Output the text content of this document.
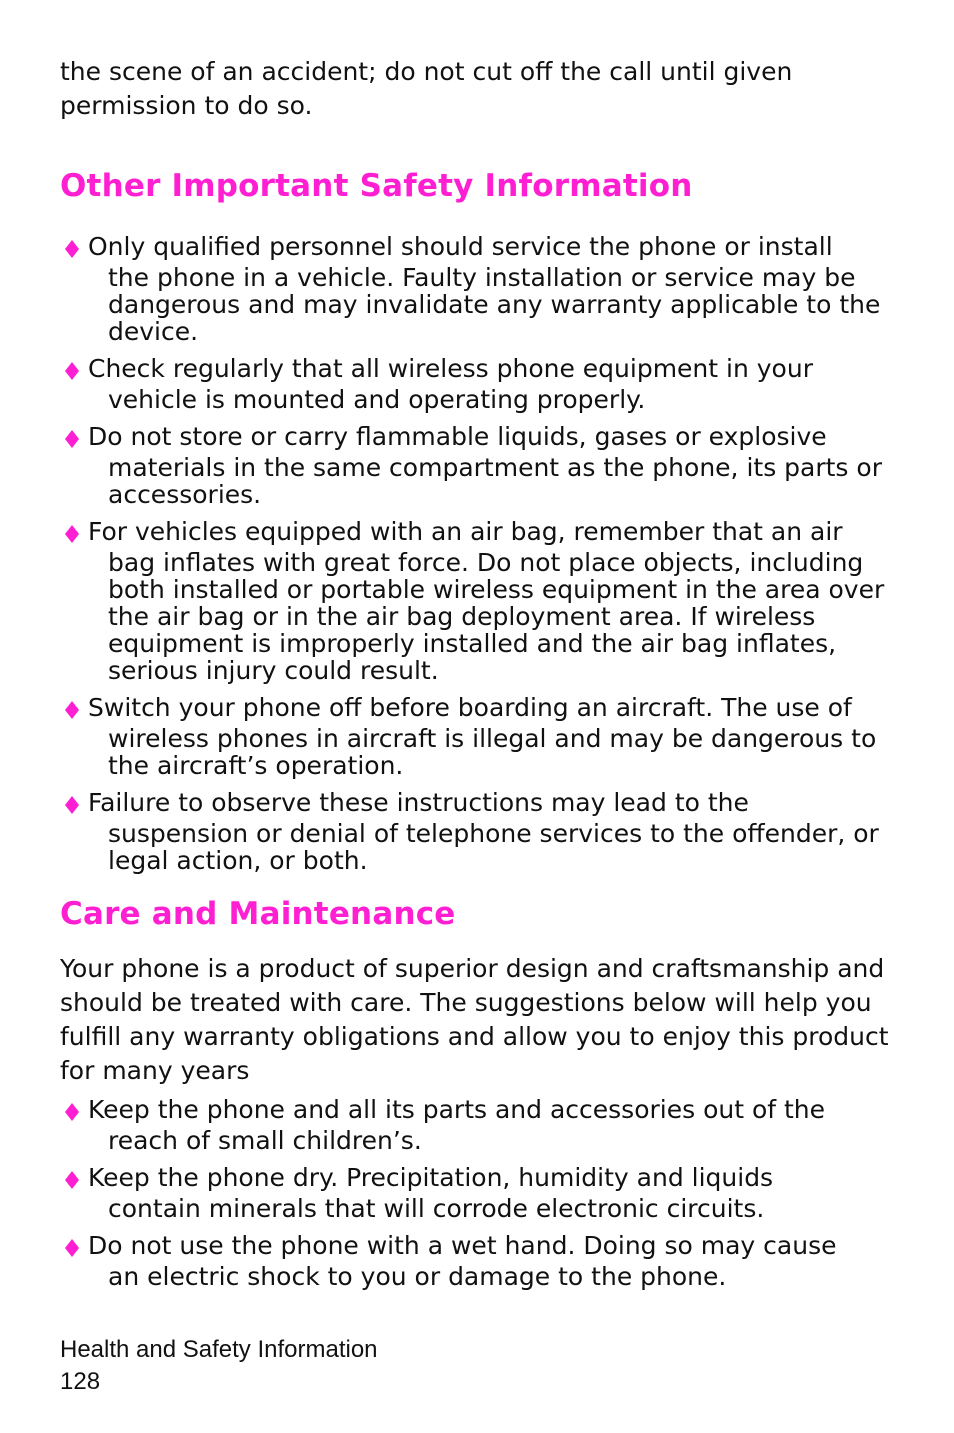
the scene of an accident; do not cut off the call until given

permission to do so.

Other Important Safety Information
Only qualified personnel should service the phone or install
the phone in a vehicle. Faulty installation or service may be dangerous and may invalidate any warranty applicable to the device.
Check regularly that all wireless phone equipment in your
vehicle is mounted and operating properly.
Do not store or carry flammable liquids, gases or explosive
materials in the same compartment as the phone, its parts or accessories.
For vehicles equipped with an air bag, remember that an air
bag inflates with great force. Do not place objects, including both installed or portable wireless equipment in the area over the air bag or in the air bag deployment area. If wireless equipment is improperly installed and the air bag inflates, serious injury could result.
Switch your phone off before boarding an aircraft. The use of
wireless phones in aircraft is illegal and may be dangerous to the aircraft’s operation.
Failure to observe these instructions may lead to the
suspension or denial of telephone services to the offender, or legal action, or both.
Care and Maintenance

Your phone is a product of superior design and craftsmanship and should be treated with care. The suggestions below will help you fulfill any warranty obligations and allow you to enjoy this product for many years

Keep the phone and all its parts and accessories out of the
reach of small children’s.
Keep the phone dry. Precipitation, humidity and liquids
contain minerals that will corrode electronic circuits.
Do not use the phone with a wet hand. Doing so may cause
an electric shock to you or damage to the phone.
Health and Safety Information
128
